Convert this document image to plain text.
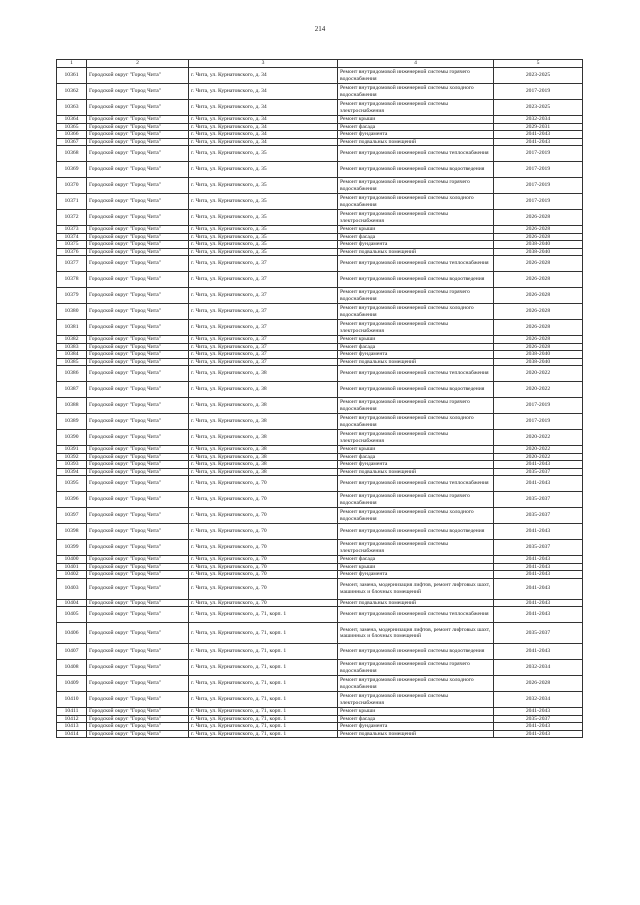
214
1	2	3	4	5
10361	Городской округ "Город Чита"	г. Чита, ул. Курнатовского, д. 34	Ремонт внутридомовой инженерной системы горячего водоснабжения	2023-2025
10362	Городской округ "Город Чита"	г. Чита, ул. Курнатовского, д. 34	Ремонт внутридомовой инженерной системы холодного водоснабжения	2017-2019
10363	Городской округ "Город Чита"	г. Чита, ул. Курнатовского, д. 34	Ремонт внутридомовой инженерной системы электроснабжения	2023-2025
10364	Городской округ "Город Чита"	г. Чита, ул. Курнатовского, д. 34	Ремонт крыши	2032-2034
10365	Городской округ "Город Чита"	г. Чита, ул. Курнатовского, д. 34	Ремонт фасада	2029-2031
10366	Городской округ "Город Чита"	г. Чита, ул. Курнатовского, д. 34	Ремонт фундамента	2041-2043
10367	Городской округ "Город Чита"	г. Чита, ул. Курнатовского, д. 34	Ремонт подвальных помещений	2041-2043
10368	Городской округ "Город Чита"	г. Чита, ул. Курнатовского, д. 35	Ремонт внутридомовой инженерной системы теплоснабжения	2017-2019
10369	Городской округ "Город Чита"	г. Чита, ул. Курнатовского, д. 35	Ремонт внутридомовой инженерной системы водоотведения	2017-2019
10370	Городской округ "Город Чита"	г. Чита, ул. Курнатовского, д. 35	Ремонт внутридомовой инженерной системы горячего водоснабжения	2017-2019
10371	Городской округ "Город Чита"	г. Чита, ул. Курнатовского, д. 35	Ремонт внутридомовой инженерной системы холодного водоснабжения	2017-2019
10372	Городской округ "Город Чита"	г. Чита, ул. Курнатовского, д. 35	Ремонт внутридомовой инженерной системы электроснабжения	2026-2028
10373	Городской округ "Город Чита"	г. Чита, ул. Курнатовского, д. 35	Ремонт крыши	2026-2028
10374	Городской округ "Город Чита"	г. Чита, ул. Курнатовского, д. 35	Ремонт фасада	2026-2028
10375	Городской округ "Город Чита"	г. Чита, ул. Курнатовского, д. 35	Ремонт фундамента	2038-2040
10376	Городской округ "Город Чита"	г. Чита, ул. Курнатовского, д. 35	Ремонт подвальных помещений	2038-2040
10377	Городской округ "Город Чита"	г. Чита, ул. Курнатовского, д. 37	Ремонт внутридомовой инженерной системы теплоснабжения	2026-2028
10378	Городской округ "Город Чита"	г. Чита, ул. Курнатовского, д. 37	Ремонт внутридомовой инженерной системы водоотведения	2026-2028
10379	Городской округ "Город Чита"	г. Чита, ул. Курнатовского, д. 37	Ремонт внутридомовой инженерной системы горячего водоснабжения	2026-2028
10380	Городской округ "Город Чита"	г. Чита, ул. Курнатовского, д. 37	Ремонт внутридомовой инженерной системы холодного водоснабжения	2026-2028
10381	Городской округ "Город Чита"	г. Чита, ул. Курнатовского, д. 37	Ремонт внутридомовой инженерной системы электроснабжения	2026-2028
10382	Городской округ "Город Чита"	г. Чита, ул. Курнатовского, д. 37	Ремонт крыши	2026-2028
10383	Городской округ "Город Чита"	г. Чита, ул. Курнатовского, д. 37	Ремонт фасада	2026-2028
10384	Городской округ "Город Чита"	г. Чита, ул. Курнатовского, д. 37	Ремонт фундамента	2038-2040
10385	Городской округ "Город Чита"	г. Чита, ул. Курнатовского, д. 37	Ремонт подвальных помещений	2038-2040
10386	Городской округ "Город Чита"	г. Чита, ул. Курнатовского, д. 38	Ремонт внутридомовой инженерной системы теплоснабжения	2020-2022
10387	Городской округ "Город Чита"	г. Чита, ул. Курнатовского, д. 38	Ремонт внутридомовой инженерной системы водоотведения	2020-2022
10388	Городской округ "Город Чита"	г. Чита, ул. Курнатовского, д. 38	Ремонт внутридомовой инженерной системы горячего водоснабжения	2017-2019
10389	Городской округ "Город Чита"	г. Чита, ул. Курнатовского, д. 38	Ремонт внутридомовой инженерной системы холодного водоснабжения	2017-2019
10390	Городской округ "Город Чита"	г. Чита, ул. Курнатовского, д. 38	Ремонт внутридомовой инженерной системы электроснабжения	2020-2022
10391	Городской округ "Город Чита"	г. Чита, ул. Курнатовского, д. 38	Ремонт крыши	2020-2022
10392	Городской округ "Город Чита"	г. Чита, ул. Курнатовского, д. 38	Ремонт фасада	2020-2022
10393	Городской округ "Город Чита"	г. Чита, ул. Курнатовского, д. 38	Ремонт фундамента	2041-2043
10394	Городской округ "Город Чита"	г. Чита, ул. Курнатовского, д. 38	Ремонт подвальных помещений	2035-2037
10395	Городской округ "Город Чита"	г. Чита, ул. Курнатовского, д. 70	Ремонт внутридомовой инженерной системы теплоснабжения	2041-2043
10396	Городской округ "Город Чита"	г. Чита, ул. Курнатовского, д. 70	Ремонт внутридомовой инженерной системы горячего водоснабжения	2035-2037
10397	Городской округ "Город Чита"	г. Чита, ул. Курнатовского, д. 70	Ремонт внутридомовой инженерной системы холодного водоснабжения	2035-2037
10398	Городской округ "Город Чита"	г. Чита, ул. Курнатовского, д. 70	Ремонт внутридомовой инженерной системы водоотведения	2041-2043
10399	Городской округ "Город Чита"	г. Чита, ул. Курнатовского, д. 70	Ремонт внутридомовой инженерной системы электроснабжения	2035-2037
10400	Городской округ "Город Чита"	г. Чита, ул. Курнатовского, д. 70	Ремонт фасада	2041-2043
10401	Городской округ "Город Чита"	г. Чита, ул. Курнатовского, д. 70	Ремонт крыши	2041-2043
10402	Городской округ "Город Чита"	г. Чита, ул. Курнатовского, д. 70	Ремонт фундамента	2041-2043
10403	Городской округ "Город Чита"	г. Чита, ул. Курнатовского, д. 70	Ремонт, замена, модернизация лифтов, ремонт лифтовых шахт, машинных и блочных помещений	2041-2043
10404	Городской округ "Город Чита"	г. Чита, ул. Курнатовского, д. 70	Ремонт подвальных помещений	2041-2043
10405	Городской округ "Город Чита"	г. Чита, ул. Курнатовского, д. 71, корп. 1	Ремонт внутридомовой инженерной системы теплоснабжения	2041-2043
10406	Городской округ "Город Чита"	г. Чита, ул. Курнатовского, д. 71, корп. 1	Ремонт, замена, модернизация лифтов, ремонт лифтовых шахт, машинных и блочных помещений	2035-2037
10407	Городской округ "Город Чита"	г. Чита, ул. Курнатовского, д. 71, корп. 1	Ремонт внутридомовой инженерной системы водоотведения	2041-2043
10408	Городской округ "Город Чита"	г. Чита, ул. Курнатовского, д. 71, корп. 1	Ремонт внутридомовой инженерной системы горячего водоснабжения	2032-2034
10409	Городской округ "Город Чита"	г. Чита, ул. Курнатовского, д. 71, корп. 1	Ремонт внутридомовой инженерной системы холодного водоснабжения	2026-2028
10410	Городской округ "Город Чита"	г. Чита, ул. Курнатовского, д. 71, корп. 1	Ремонт внутридомовой инженерной системы электроснабжения	2032-2034
10411	Городской округ "Город Чита"	г. Чита, ул. Курнатовского, д. 71, корп. 1	Ремонт крыши	2041-2043
10412	Городской округ "Город Чита"	г. Чита, ул. Курнатовского, д. 71, корп. 1	Ремонт фасада	2035-2037
10413	Городской округ "Город Чита"	г. Чита, ул. Курнатовского, д. 71, корп. 1	Ремонт фундамента	2041-2043
10414	Городской округ "Город Чита"	г. Чита, ул. Курнатовского, д. 71, корп. 1	Ремонт подвальных помещений	2041-2043
